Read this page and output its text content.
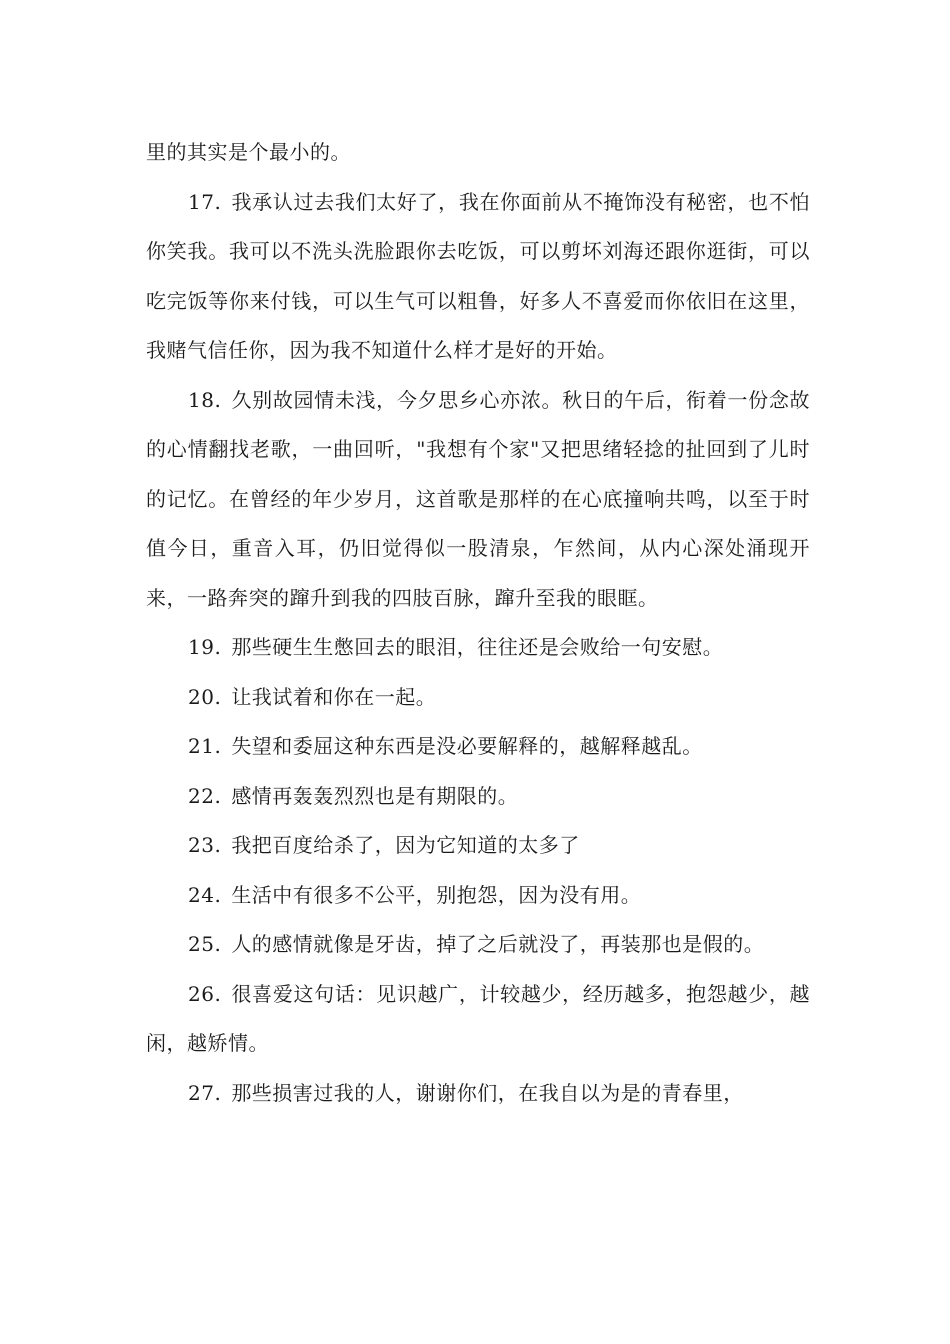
里的其实是个最小的。

17. 我承认过去我们太好了，我在你面前从不掩饰没有秘密，也不怕你笑我。我可以不洗头洗脸跟你去吃饭，可以剪坏刘海还跟你逛街，可以吃完饭等你来付钱，可以生气可以粗鲁，好多人不喜爱而你依旧在这里，我赌气信任你，因为我不知道什么样才是好的开始。

18. 久别故园情未浅，今夕思乡心亦浓。秋日的午后，衔着一份念故的心情翻找老歌，一曲回听，"我想有个家"又把思绪轻捻的扯回到了儿时的记忆。在曾经的年少岁月，这首歌是那样的在心底撞响共鸣，以至于时值今日，重音入耳，仍旧觉得似一股清泉，乍然间，从内心深处涌现开来，一路奔突的蹿升到我的四肢百脉，蹿升至我的眼眶。

19. 那些硬生生憋回去的眼泪，往往还是会败给一句安慰。

20. 让我试着和你在一起。

21. 失望和委屈这种东西是没必要解释的，越解释越乱。

22. 感情再轰轰烈烈也是有期限的。

23. 我把百度给杀了，因为它知道的太多了

24. 生活中有很多不公平，别抱怨，因为没有用。

25. 人的感情就像是牙齿，掉了之后就没了，再装那也是假的。

26. 很喜爱这句话：见识越广，计较越少，经历越多，抱怨越少，越闲，越矫情。

27. 那些损害过我的人，谢谢你们，在我自以为是的青春里，
